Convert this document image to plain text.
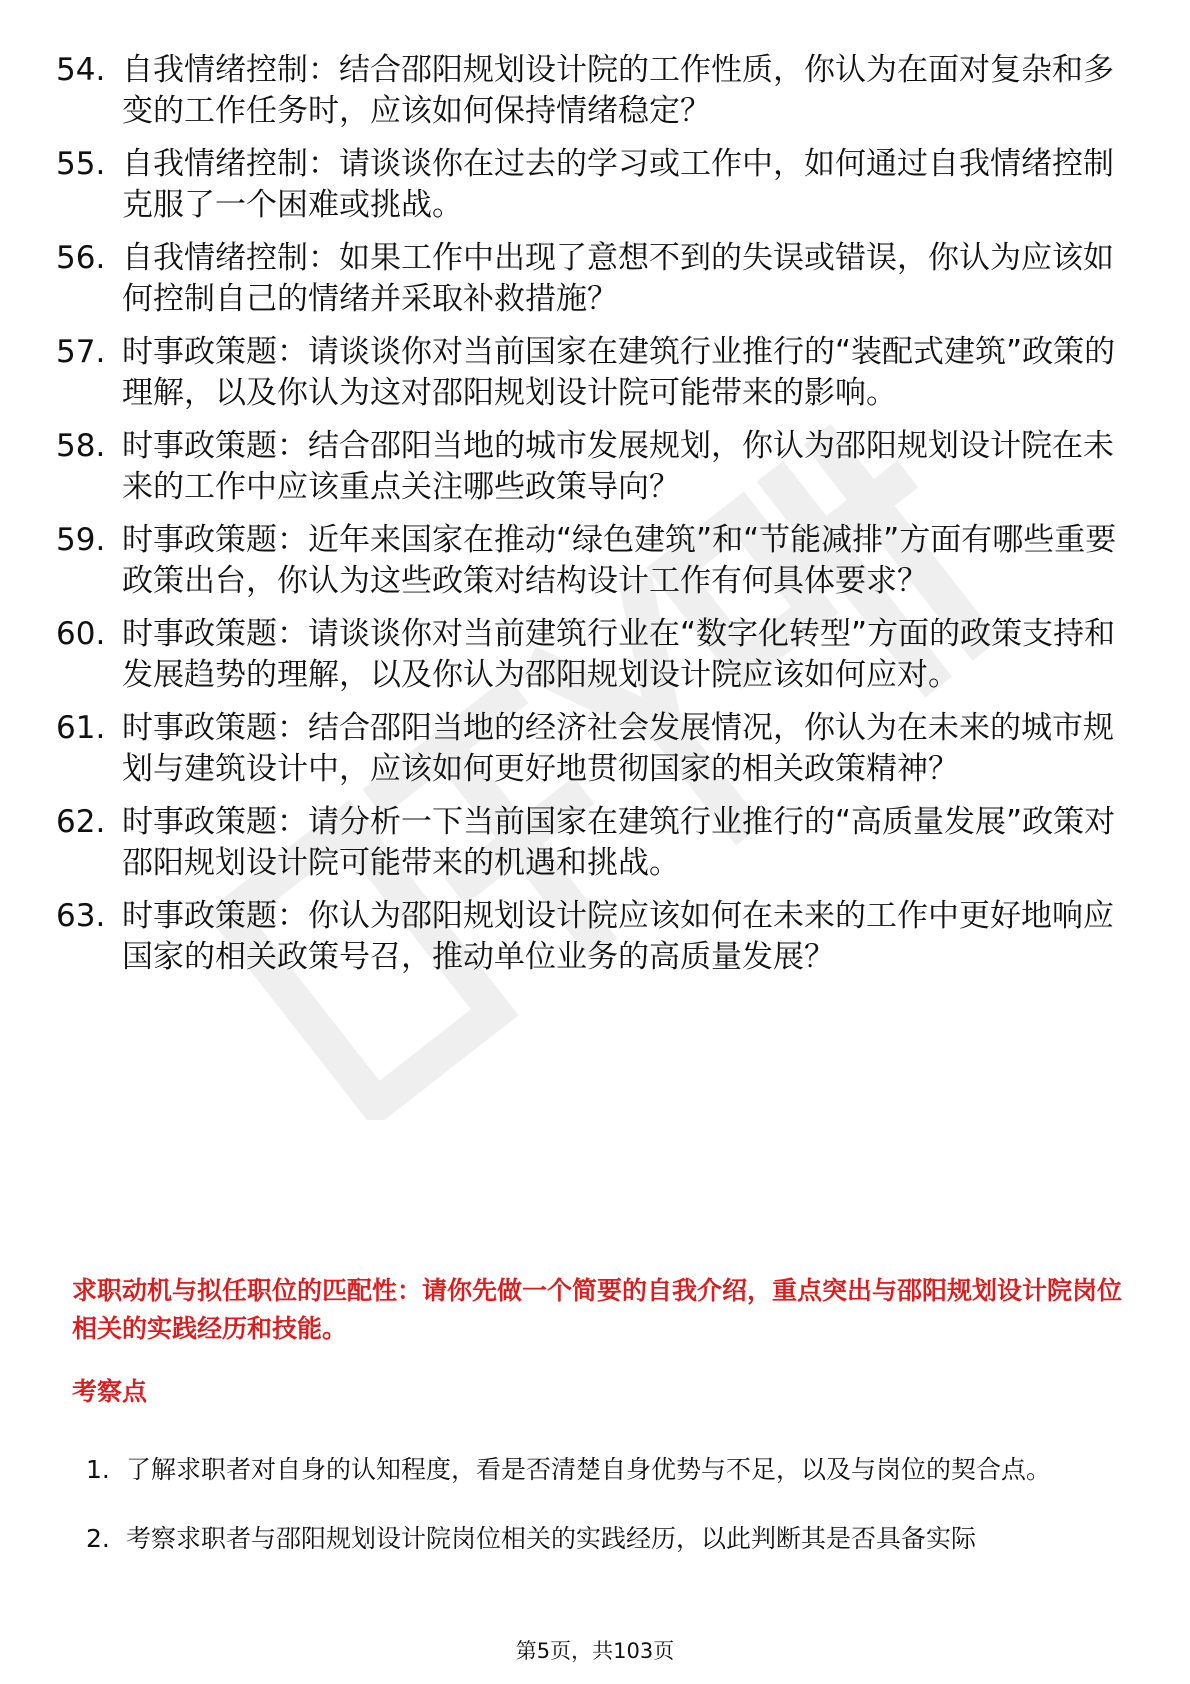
54. 自我情绪控制：结合邵阳规划设计院的工作性质，你认为在面对复杂和多变的工作任务时，应该如何保持情绪稳定？
55. 自我情绪控制：请谈谈你在过去的学习或工作中，如何通过自我情绪控制克服了一个困难或挑战。
56. 自我情绪控制：如果工作中出现了意想不到的失误或错误，你认为应该如何控制自己的情绪并采取补救措施？
57. 时事政策题：请谈谈你对当前国家在建筑行业推行的“装配式建筑”政策的理解，以及你认为这对邵阳规划设计院可能带来的影响。
58. 时事政策题：结合邵阳当地的城市发展规划，你认为邵阳规划设计院在未来的工作中应该重点关注哪些政策导向？
59. 时事政策题：近年来国家在推动“绿色建筑”和“节能减排”方面有哪些重要政策出台，你认为这些政策对结构设计工作有何具体要求？
60. 时事政策题：请谈谈你对当前建筑行业在“数字化转型”方面的政策支持和发展趋势的理解，以及你认为邵阳规划设计院应该如何应对。
61. 时事政策题：结合邵阳当地的经济社会发展情况，你认为在未来的城市规划与建筑设计中，应该如何更好地贯彻国家的相关政策精神？
62. 时事政策题：请分析一下当前国家在建筑行业推行的“高质量发展”政策对邵阳规划设计院可能带来的机遇和挑战。
63. 时事政策题：你认为邵阳规划设计院应该如何在未来的工作中更好地响应国家的相关政策号召，推动单位业务的高质量发展？
求职动机与拟任职位的匹配性：请你先做一个简要的自我介绍，重点突出与邵阳规划设计院岗位相关的实践经历和技能。
考察点
1. 了解求职者对自身的认知程度，看是否清楚自身优势与不足，以及与岗位的契合点。
2. 考察求职者与邵阳规划设计院岗位相关的实践经历，以此判断其是否具备实际
第5页，共103页
